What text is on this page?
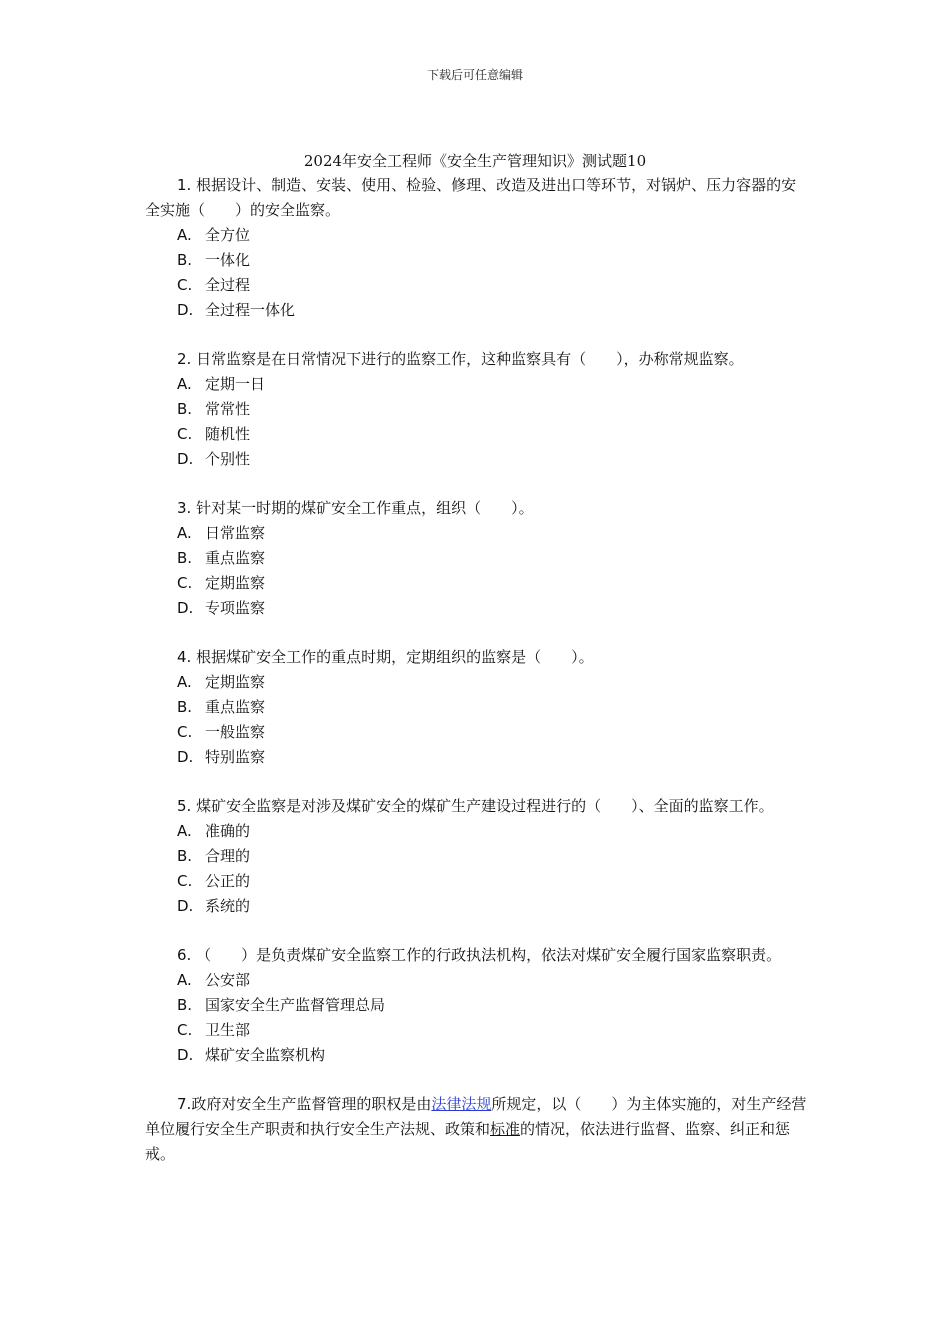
下载后可任意编辑
2024年安全工程师《安全生产管理知识》测试题10

1. 根据设计、制造、安装、使用、检验、修理、改造及进出口等环节，对锅炉、压力容器的安全实施（　　）的安全监察。

A. 全方位
B. 一体化
C. 全过程
D. 全过程一体化

2. 日常监察是在日常情况下进行的监察工作，这种监察具有（　　），办称常规监察。

A. 定期一日
B. 常常性
C. 随机性
D. 个别性

3. 针对某一时期的煤矿安全工作重点，组织（　　）。

A. 日常监察
B. 重点监察
C. 定期监察
D. 专项监察

4. 根据煤矿安全工作的重点时期，定期组织的监察是（　　）。

A. 定期监察
B. 重点监察
C. 一般监察
D. 特别监察

5. 煤矿安全监察是对涉及煤矿安全的煤矿生产建设过程进行的（　　）、全面的监察工作。

A. 准确的
B. 合理的
C. 公正的
D. 系统的

6. （　　）是负责煤矿安全监察工作的行政执法机构，依法对煤矿安全履行国家监察职责。

A. 公安部
B. 国家安全生产监督管理总局
C. 卫生部
D. 煤矿安全监察机构

7.政府对安全生产监督管理的职权是由法律法规所规定，以（　　）为主体实施的，对生产经营单位履行安全生产职责和执行安全生产法规、政策和标准的情况，依法进行监督、监察、纠正和惩戒。
